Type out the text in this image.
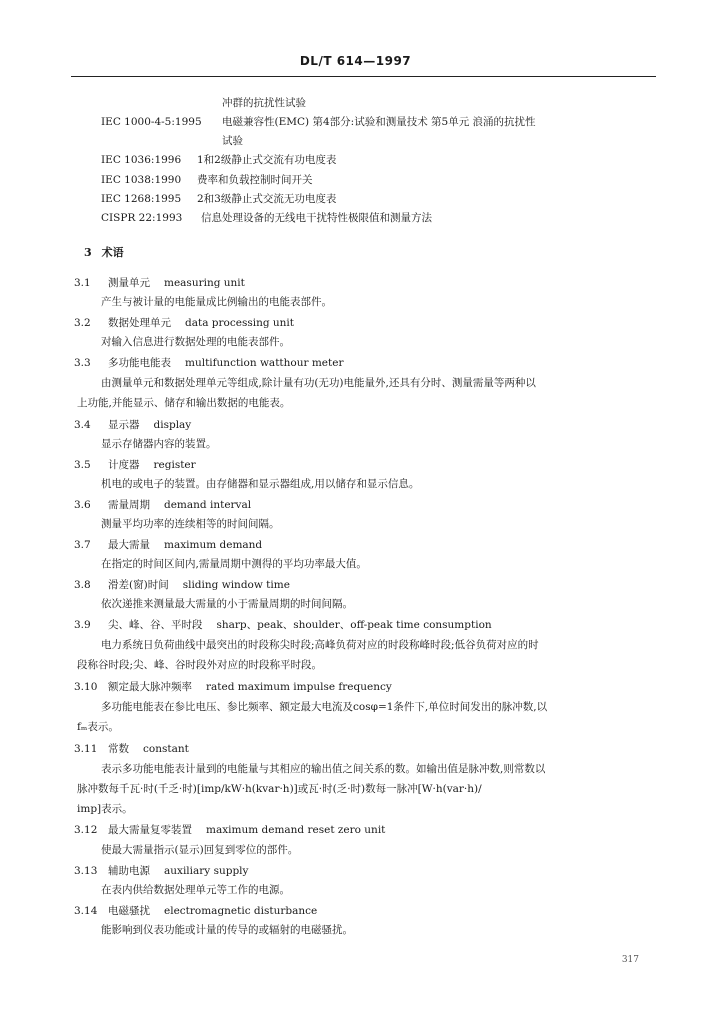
DL/T 614—1997
冲群的抗扰性试验
IEC 1000-4-5:1995 电磁兼容性(EMC) 第4部分:试验和测量技术 第5单元 浪涌的抗扰性
试验
IEC 1036:1996 1和2级静止式交流有功电度表
IEC 1038:1990 费率和负载控制时间开关
IEC 1268:1995 2和3级静止式交流无功电度表
CISPR 22:1993 信息处理设备的无线电干扰特性极限值和测量方法
3 术语
3.1 测量单元 measuring unit
产生与被计量的电能量成比例输出的电能表部件。
3.2 数据处理单元 data processing unit
对输入信息进行数据处理的电能表部件。
3.3 多功能电能表 multifunction watthour meter
由测量单元和数据处理单元等组成,除计量有功(无功)电能量外,还具有分时、测量需量等两种以
上功能,并能显示、储存和输出数据的电能表。
3.4 显示器 display
显示存储器内容的装置。
3.5 计度器 register
机电的或电子的装置。由存储器和显示器组成,用以储存和显示信息。
3.6 需量周期 demand interval
测量平均功率的连续相等的时间间隔。
3.7 最大需量 maximum demand
在指定的时间区间内,需量周期中测得的平均功率最大值。
3.8 滑差(窗)时间 sliding window time
依次递推来测量最大需量的小于需量周期的时间间隔。
3.9 尖、峰、谷、平时段 sharp、peak、shoulder、off-peak time consumption
电力系统日负荷曲线中最突出的时段称尖时段;高峰负荷对应的时段称峰时段;低谷负荷对应的时
段称谷时段;尖、峰、谷时段外对应的时段称平时段。
3.10 额定最大脉冲频率 rated maximum impulse frequency
多功能电能表在参比电压、参比频率、额定最大电流及cosφ=1条件下,单位时间发出的脉冲数,以
fₘ表示。
3.11 常数 constant
表示多功能电能表计量到的电能量与其相应的输出值之间关系的数。如输出值是脉冲数,则常数以
脉冲数每千瓦·时(千乏·时)[imp/kW·h(kvar·h)]或瓦·时(乏·时)数每一脉冲[W·h(var·h)/
imp]表示。
3.12 最大需量复零装置 maximum demand reset zero unit
使最大需量指示(显示)回复到零位的部件。
3.13 辅助电源 auxiliary supply
在表内供给数据处理单元等工作的电源。
3.14 电磁骚扰 electromagnetic disturbance
能影响到仪表功能或计量的传导的或辐射的电磁骚扰。
317
